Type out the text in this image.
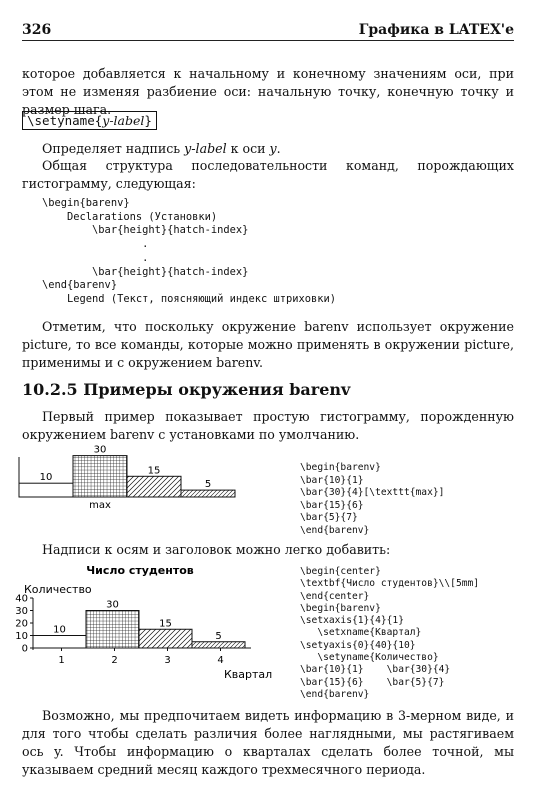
326	Графика в LATEX'е
которое добавляется к начальному и конечному значениям оси, при этом не изменяя разбиение оси: начальную точку, конечную точку и размер шага.
\setyname{y-label}
Определяет надпись y-label к оси y.
Общая структура последовательности команд, порождающих гистограмму, следующая:
\begin{barenv}
Declarations (Установки)
\bar{height}{hatch-index}
.
.
\bar{height}{hatch-index}
\end{barenv}
Legend (Текст, поясняющий индекс штриховки)
Отметим, что поскольку окружение barenv использует окружение picture, то все команды, которые можно применять в окружении picture, применимы и с окружением barenv.
10.2.5 Примеры окружения barenv
Первый пример показывает простую гистограмму, порожденную окружением barenv с установками по умолчанию.
10
30
15
5
max
\begin{barenv}
\bar{10}{1}
\bar{30}{4}[\texttt{max}]
\bar{15}{6}
\bar{5}{7}
\end{barenv}
Надписи к осям и заголовок можно легко добавить:
Число студентов
Количество
0
10
20
30
40
10
30
15
5
1	2	3	4
Квартал
\begin{center}
\textbf{Число студентов}\\[5mm]
\end{center}
\begin{barenv}
\setxaxis{1}{4}{1}
\setxname{Квартал}
\setyaxis{0}{40}{10}
\setyname{Количество}
\bar{10}{1}    \bar{30}{4}
\bar{15}{6}    \bar{5}{7}
\end{barenv}
Возможно, мы предпочитаем видеть информацию в 3-мерном виде, и для того чтобы сделать различия более наглядными, мы растягиваем ось y. Чтобы информацию о кварталах сделать более точной, мы указываем средний месяц каждого трехмесячного периода.
